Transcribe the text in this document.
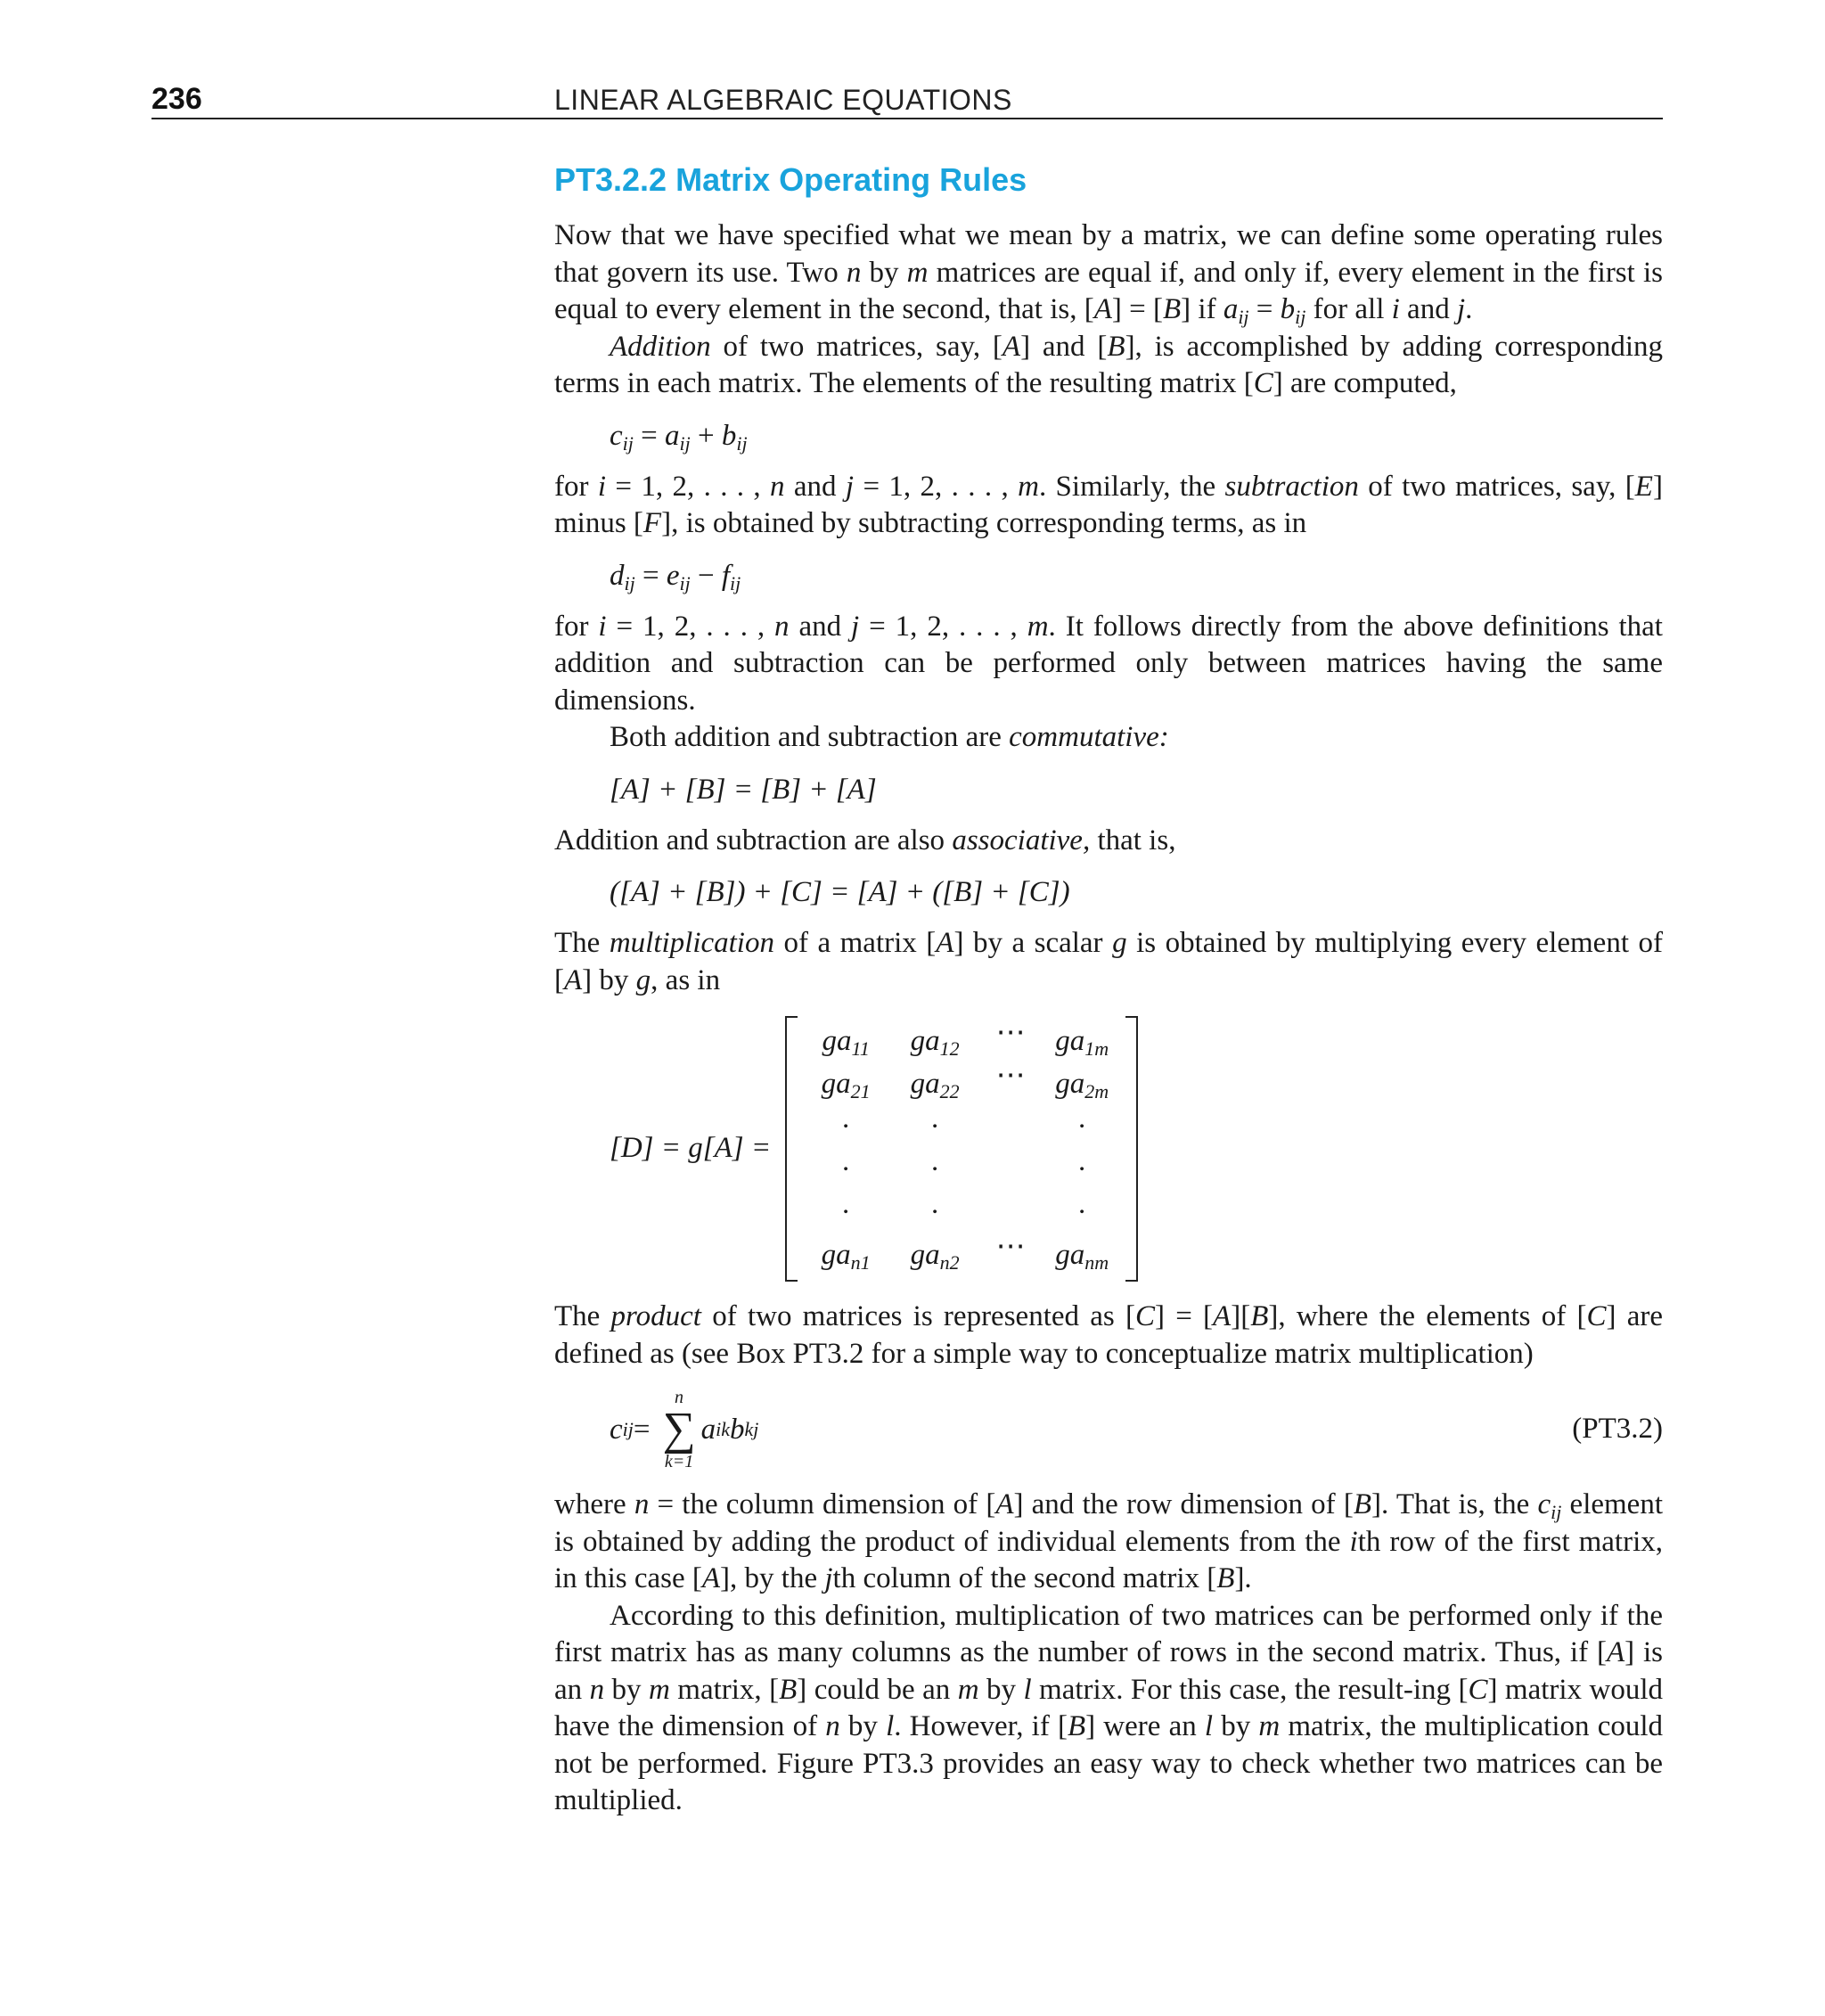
236	LINEAR ALGEBRAIC EQUATIONS
PT3.2.2 Matrix Operating Rules

Now that we have specified what we mean by a matrix, we can define some operating rules that govern its use. Two n by m matrices are equal if, and only if, every element in the first is equal to every element in the second, that is, [A] = [B] if $a_{ij} = b_{ij}$ for all i and j.

Addition of two matrices, say, [A] and [B], is accomplished by adding corresponding terms in each matrix. The elements of the resulting matrix [C] are computed,

$c_{ij} = a_{ij} + b_{ij}$

for i = 1, 2, . . . , n and j = 1, 2, . . . , m. Similarly, the subtraction of two matrices, say, [E] minus [F], is obtained by subtracting corresponding terms, as in

$d_{ij} = e_{ij} - f_{ij}$

for i = 1, 2, . . . , n and j = 1, 2, . . . , m. It follows directly from the above definitions that addition and subtraction can be performed only between matrices having the same dimensions.

Both addition and subtraction are commutative:

[A] + [B] = [B] + [A]

Addition and subtraction are also associative, that is,

([A] + [B]) + [C] = [A] + ([B] + [C])

The multiplication of a matrix [A] by a scalar g is obtained by multiplying every element of [A] by g, as in

[D] = g[A] =
$ga_{11}$	$ga_{12}$	⋯	$ga_{1m}$
$ga_{21}$	$ga_{22}$	⋯	$ga_{2m}$
.	.	.
.	.	.
.	.	.
$ga_{n1}$	$ga_{n2}$	⋯	$ga_{nm}$

The product of two matrices is represented as [C] = [A][B], where the elements of [C] are defined as (see Box PT3.2 for a simple way to conceptualize matrix multiplication)

c ij =
n
∑
k=1
a ik b kj	(PT3.2)

where n = the column dimension of [A] and the row dimension of [B]. That is, the $c_{ij}$ element is obtained by adding the product of individual elements from the ith row of the first matrix, in this case [A], by the jth column of the second matrix [B].

According to this definition, multiplication of two matrices can be performed only if the first matrix has as many columns as the number of rows in the second matrix. Thus, if [A] is an n by m matrix, [B] could be an m by l matrix. For this case, the result-ing [C] matrix would have the dimension of n by l. However, if [B] were an l by m matrix, the multiplication could not be performed. Figure PT3.3 provides an easy way to check whether two matrices can be multiplied.
